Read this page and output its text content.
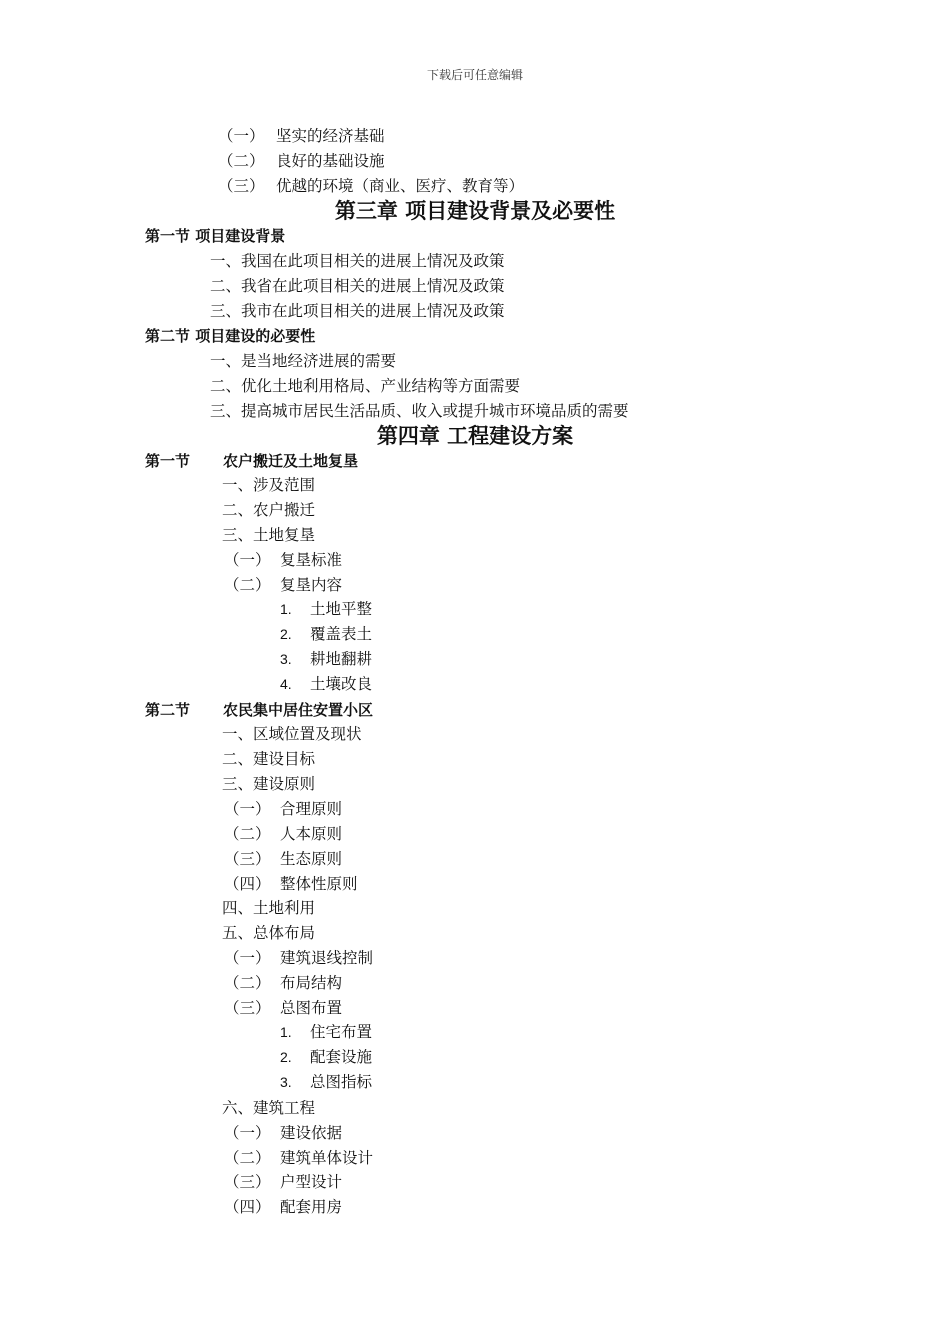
下载后可任意编辑
（一） 坚实的经济基础
（二） 良好的基础设施
（三） 优越的环境（商业、医疗、教育等）
第三章 项目建设背景及必要性
第一节 项目建设背景
一、我国在此项目相关的进展上情况及政策
二、我省在此项目相关的进展上情况及政策
三、我市在此项目相关的进展上情况及政策
第二节 项目建设的必要性
一、是当地经济进展的需要
二、优化土地利用格局、产业结构等方面需要
三、提高城市居民生活品质、收入或提升城市环境品质的需要
第四章 工程建设方案
第一节 农户搬迁及土地复垦
一、涉及范围
二、农户搬迁
三、土地复垦
（一） 复垦标准
（二） 复垦内容
1. 土地平整
2. 覆盖表土
3. 耕地翻耕
4. 土壤改良
第二节 农民集中居住安置小区
一、区域位置及现状
二、建设目标
三、建设原则
（一） 合理原则
（二） 人本原则
（三） 生态原则
（四） 整体性原则
四、土地利用
五、总体布局
（一） 建筑退线控制
（二） 布局结构
（三） 总图布置
1. 住宅布置
2. 配套设施
3. 总图指标
六、建筑工程
（一） 建设依据
（二） 建筑单体设计
（三） 户型设计
（四） 配套用房
